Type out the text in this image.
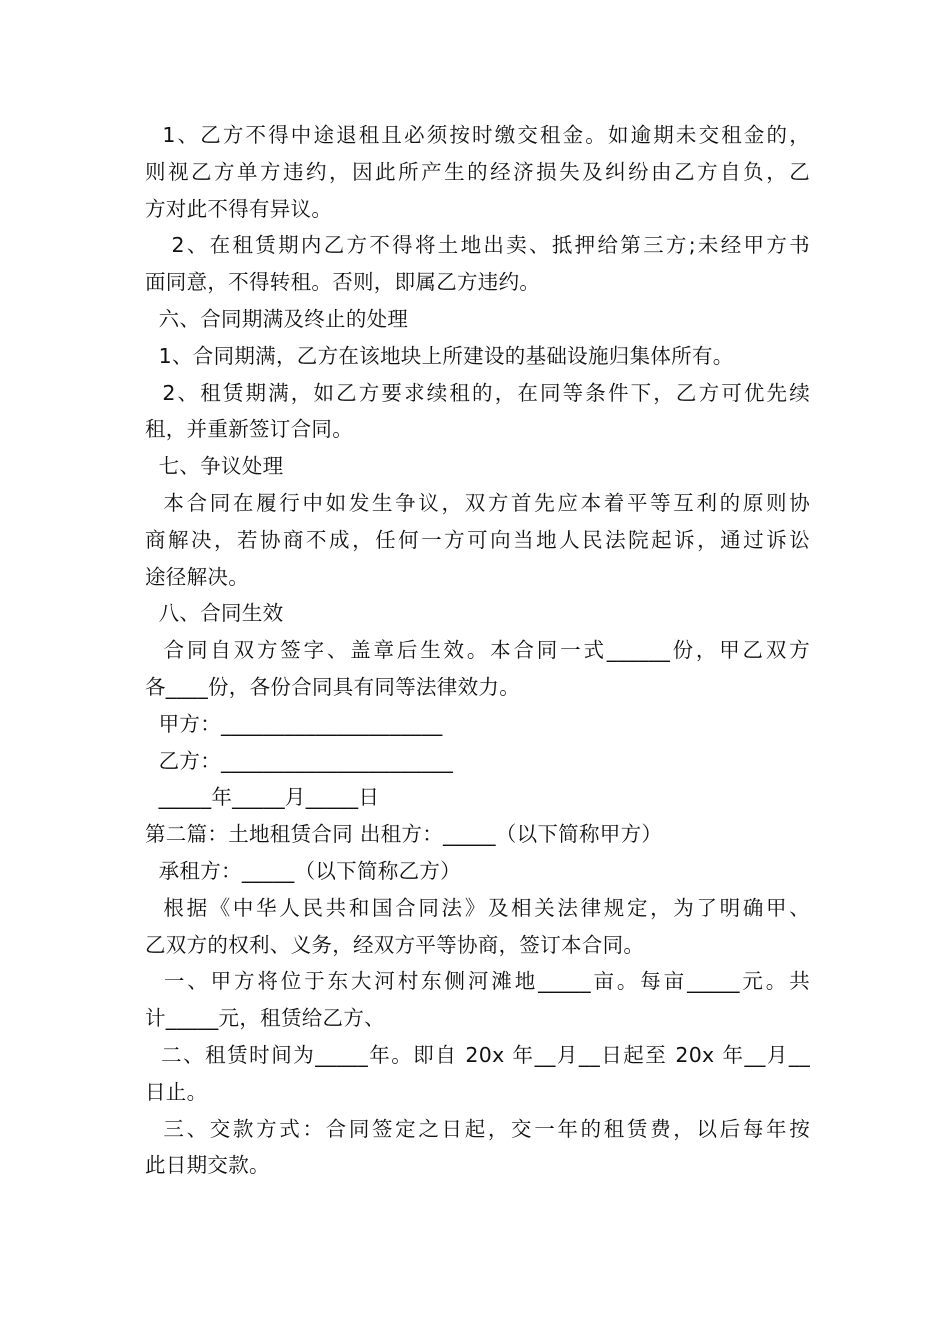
1、乙方不得中途退租且必须按时缴交租金。如逾期未交租金的，
则视乙方单方违约，因此所产生的经济损失及纠纷由乙方自负，乙
方对此不得有异议。
2、在租赁期内乙方不得将土地出卖、抵押给第三方;未经甲方书
面同意，不得转租。否则，即属乙方违约。
六、合同期满及终止的处理
1、合同期满，乙方在该地块上所建设的基础设施归集体所有。
2、租赁期满，如乙方要求续租的，在同等条件下，乙方可优先续
租，并重新签订合同。
七、争议处理
本合同在履行中如发生争议，双方首先应本着平等互利的原则协
商解决，若协商不成，任何一方可向当地人民法院起诉，通过诉讼
途径解决。
八、合同生效
合同自双方签字、盖章后生效。本合同一式______份，甲乙双方
各____份，各份合同具有同等法律效力。
甲方：_____________________
乙方：______________________
_____年_____月_____日
第二篇：土地租赁合同 出租方：_____（以下简称甲方）
承租方：_____（以下简称乙方）
根据《中华人民共和国合同法》及相关法律规定，为了明确甲、
乙双方的权利、义务，经双方平等协商，签订本合同。
一、甲方将位于东大河村东侧河滩地_____亩。每亩_____元。共
计_____元，租赁给乙方、
二、租赁时间为_____年。即自 20x 年__月__日起至 20x 年__月__
日止。
三、交款方式：合同签定之日起，交一年的租赁费，以后每年按
此日期交款。
